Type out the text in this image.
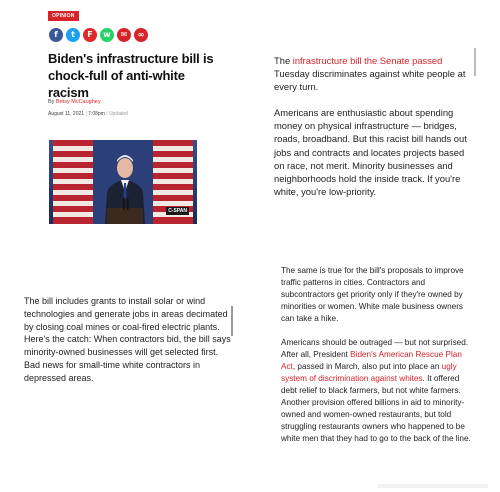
OPINION
f	t	F	w	✉	∞
Biden's infrastructure bill is chock-full of anti-white racism
By Betsy McCaughey
August 11, 2021 | 7:08pm | Updated
C-SPAN
The infrastructure bill the Senate passed Tuesday discriminates against white people at every turn.
Americans are enthusiastic about spending money on physical infrastructure — bridges, roads, broadband. But this racist bill hands out jobs and contracts and locates projects based on race, not merit. Minority businesses and neighborhoods hold the inside track. If you're white, you're low-priority.
The same is true for the bill's proposals to improve traffic patterns in cities. Contractors and subcontractors get priority only if they're owned by minorities or women. White male business owners can take a hike.
Americans should be outraged — but not surprised. After all, President Biden's American Rescue Plan Act, passed in March, also put into place an ugly system of discrimination against whites. It offered debt relief to black farmers, but not white farmers. Another provision offered billions in aid to minority-owned and women-owned restaurants, but told struggling restaurants owners who happened to be white men that they had to go to the back of the line.
The bill includes grants to install solar or wind technologies and generate jobs in areas decimated by closing coal mines or coal-fired electric plants. Here's the catch: When contractors bid, the bill says minority-owned businesses will get selected first. Bad news for small-time white contractors in depressed areas.
